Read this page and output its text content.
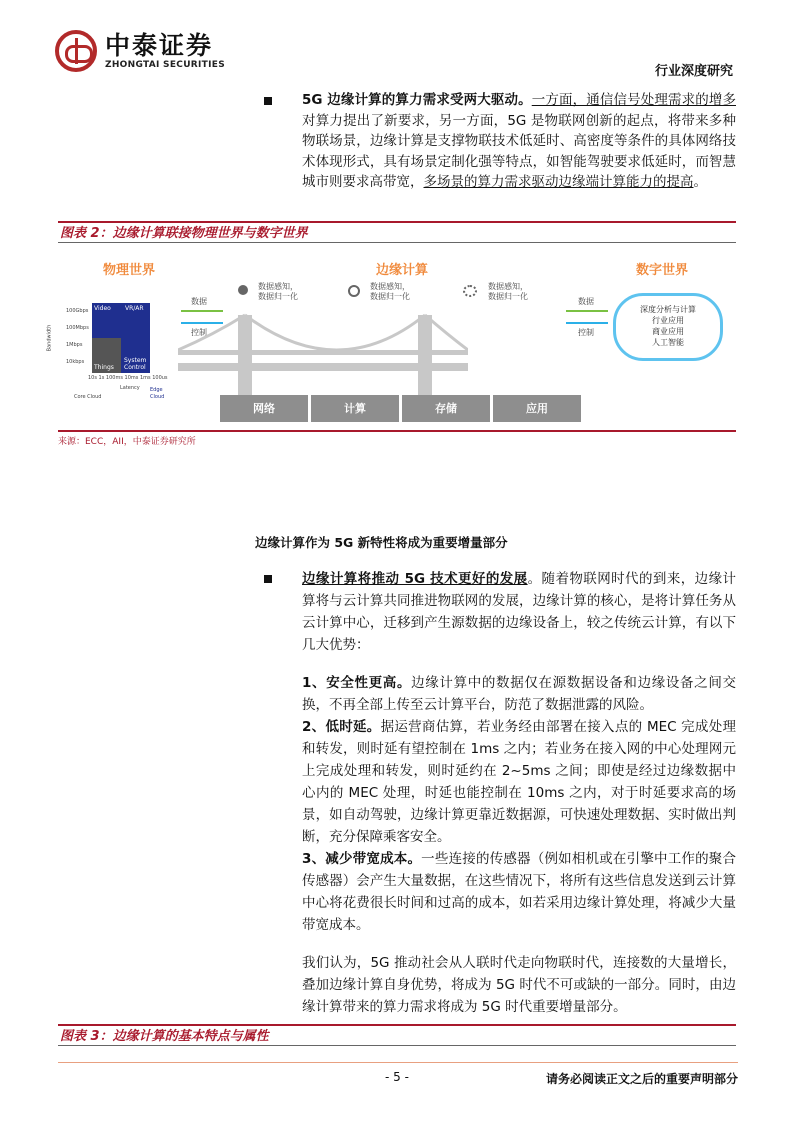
中泰证券
ZHONGTAI SECURITIES	行业深度研究
5G 边缘计算的算力需求受两大驱动。一方面，通信信号处理需求的增多对算力提出了新要求，另一方面，5G 是物联网创新的起点，将带来多种物联场景，边缘计算是支撑物联技术低延时、高密度等条件的具体网络技术体现形式，具有场景定制化强等特点，如智能驾驶要求低延时，而智慧城市则要求高带宽，多场景的算力需求驱动边缘端计算能力的提高。
图表 2：边缘计算联接物理世界与数字世界
物理世界	边缘计算	数字世界
Video VR/AR
Things
System Control
100Gbps
100Mbps
1Mbps
10kbps
Bandwidth
10s 1s 100ms 10ms 1ms 100us
Latency
Core Cloud
Edge Cloud
数据
控制
数据
控制
数据感知，
数据归一化
数据感知，
数据归一化
数据感知，
数据归一化
深度分析与计算
行业应用
商业应用
人工智能
网络	计算	存储	应用
来源：ECC，AII，中泰证券研究所
边缘计算作为 5G 新特性将成为重要增量部分
边缘计算将推动 5G 技术更好的发展。随着物联网时代的到来，边缘计算将与云计算共同推进物联网的发展，边缘计算的核心，是将计算任务从云计算中心，迁移到产生源数据的边缘设备上，较之传统云计算，有以下几大优势：
1、安全性更高。边缘计算中的数据仅在源数据设备和边缘设备之间交换，不再全部上传至云计算平台，防范了数据泄露的风险。
2、低时延。据运营商估算，若业务经由部署在接入点的 MEC 完成处理和转发，则时延有望控制在 1ms 之内；若业务在接入网的中心处理网元上完成处理和转发，则时延约在 2~5ms 之间；即使是经过边缘数据中心内的 MEC 处理，时延也能控制在 10ms 之内，对于时延要求高的场景，如自动驾驶，边缘计算更靠近数据源，可快速处理数据、实时做出判断，充分保障乘客安全。
3、减少带宽成本。一些连接的传感器（例如相机或在引擎中工作的聚合传感器）会产生大量数据，在这些情况下，将所有这些信息发送到云计算中心将花费很长时间和过高的成本，如若采用边缘计算处理，将减少大量带宽成本。
我们认为，5G 推动社会从人联时代走向物联时代，连接数的大量增长，叠加边缘计算自身优势，将成为 5G 时代不可或缺的一部分。同时，由边缘计算带来的算力需求将成为 5G 时代重要增量部分。
图表 3：边缘计算的基本特点与属性
- 5 -	请务必阅读正文之后的重要声明部分
